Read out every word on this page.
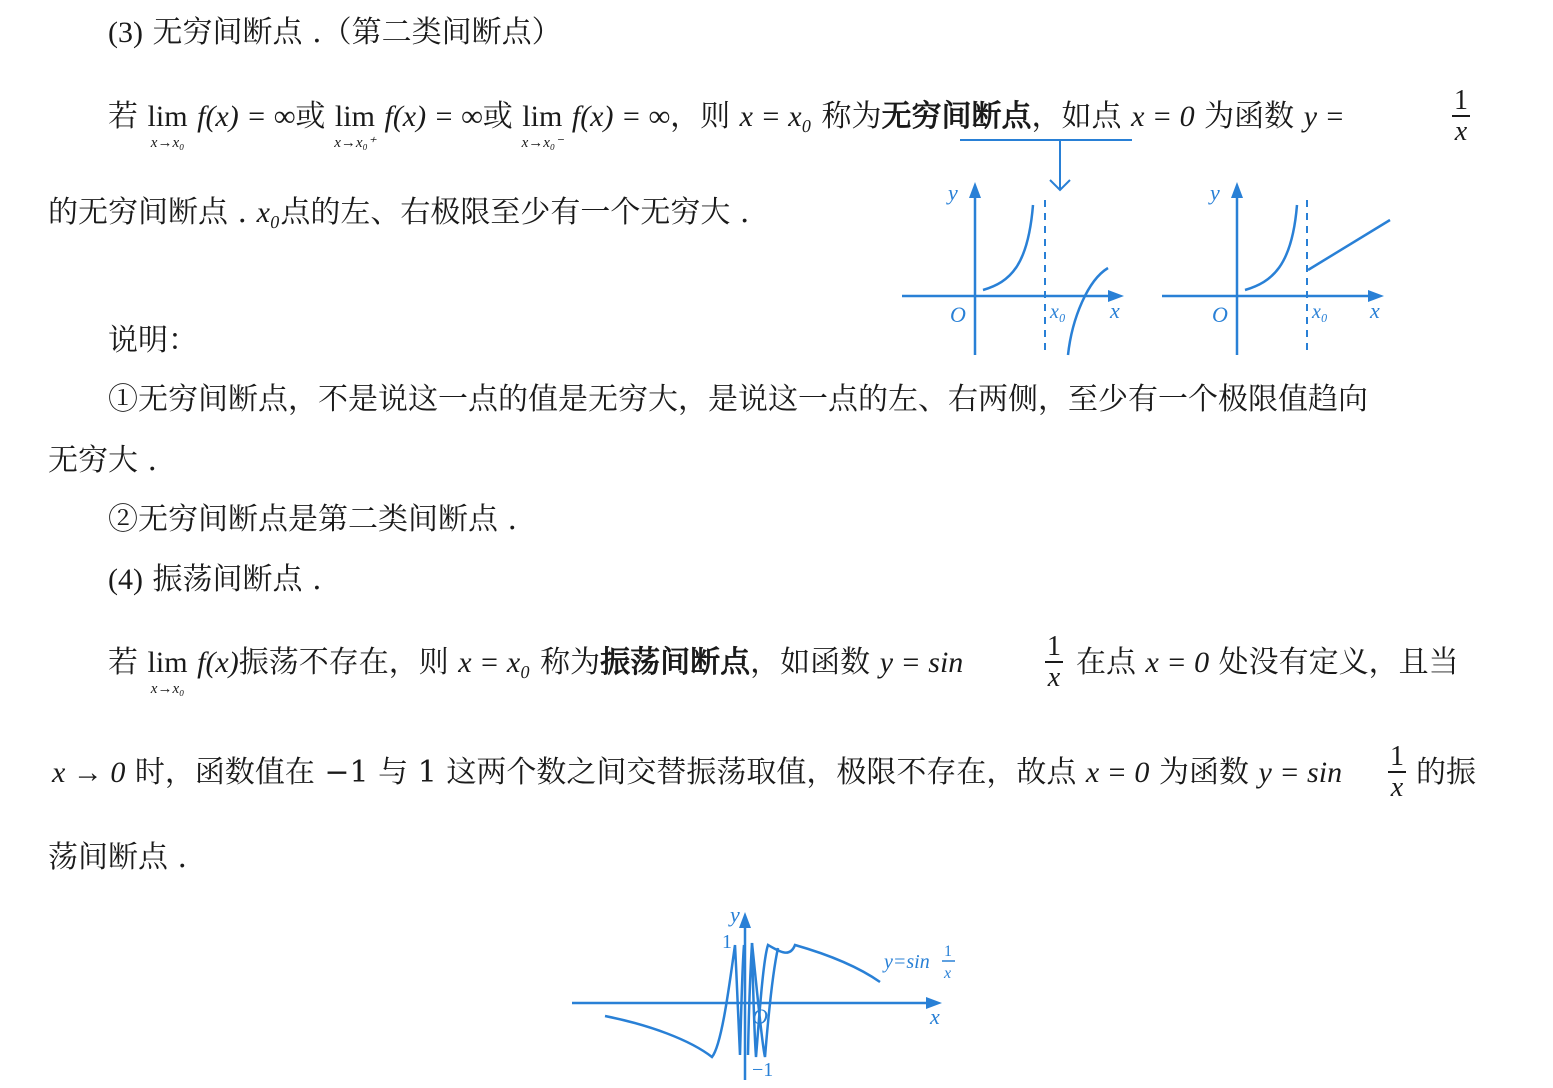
(3) 无穷间断点 .（第二类间断点）
若 lim
x→x₀
f(x) = ∞或 lim
x→x₀⁺
f(x) = ∞或 lim
x→x₀⁻
f(x) = ∞，则 x = x₀ 称为无穷间断点，如点 x = 0 为函数 y =	1
x
的无穷间断点 . x₀点的左、右极限至少有一个无穷大 .
y
O	x₀ x
y
O	x₀ x
说明：
①无穷间断点，不是说这一点的值是无穷大，是说这一点的左、右两侧，至少有一个极限值趋向
无穷大 .
②无穷间断点是第二类间断点 .
(4) 振荡间断点 .
若 lim
x→x₀
f(x)振荡不存在，则 x = x₀ 称为振荡间断点，如函数 y = sin	1
x 在点 x = 0 处没有定义，且当
x → 0 时，函数值在 −1 与 1 这两个数之间交替振荡取值，极限不存在，故点 x = 0 为函数 y = sin 1
x 的振
荡间断点 .
y
1
O
−1
x
y=sin 1
x
